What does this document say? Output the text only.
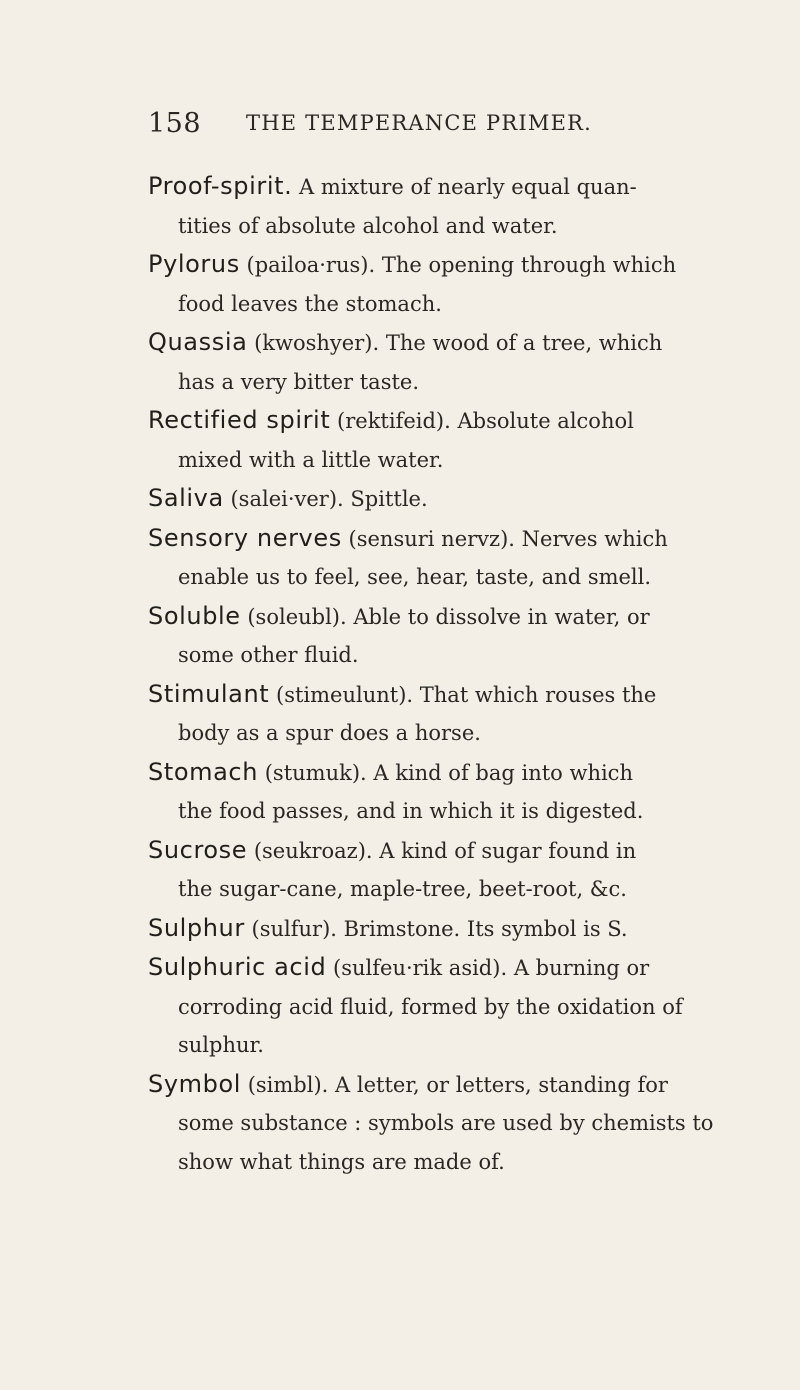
158 THE TEMPERANCE PRIMER.
Proof-spirit. A mixture of nearly equal quan-
tities of absolute alcohol and water.
Pylorus (pailoa·rus). The opening through which
food leaves the stomach.
Quassia (kwoshyer). The wood of a tree, which
has a very bitter taste.
Rectified spirit (rektifeid). Absolute alcohol
mixed with a little water.
Saliva (salei·ver). Spittle.
Sensory nerves (sensuri nervz). Nerves which
enable us to feel, see, hear, taste, and smell.
Soluble (soleubl). Able to dissolve in water, or
some other fluid.
Stimulant (stimeulunt). That which rouses the
body as a spur does a horse.
Stomach (stumuk). A kind of bag into which
the food passes, and in which it is digested.
Sucrose (seukroaz). A kind of sugar found in
the sugar-cane, maple-tree, beet-root, &c.
Sulphur (sulfur). Brimstone. Its symbol is S.
Sulphuric acid (sulfeu·rik asid). A burning or
corroding acid fluid, formed by the oxidation of
sulphur.
Symbol (simbl). A letter, or letters, standing for
some substance : symbols are used by chemists to
show what things are made of.
